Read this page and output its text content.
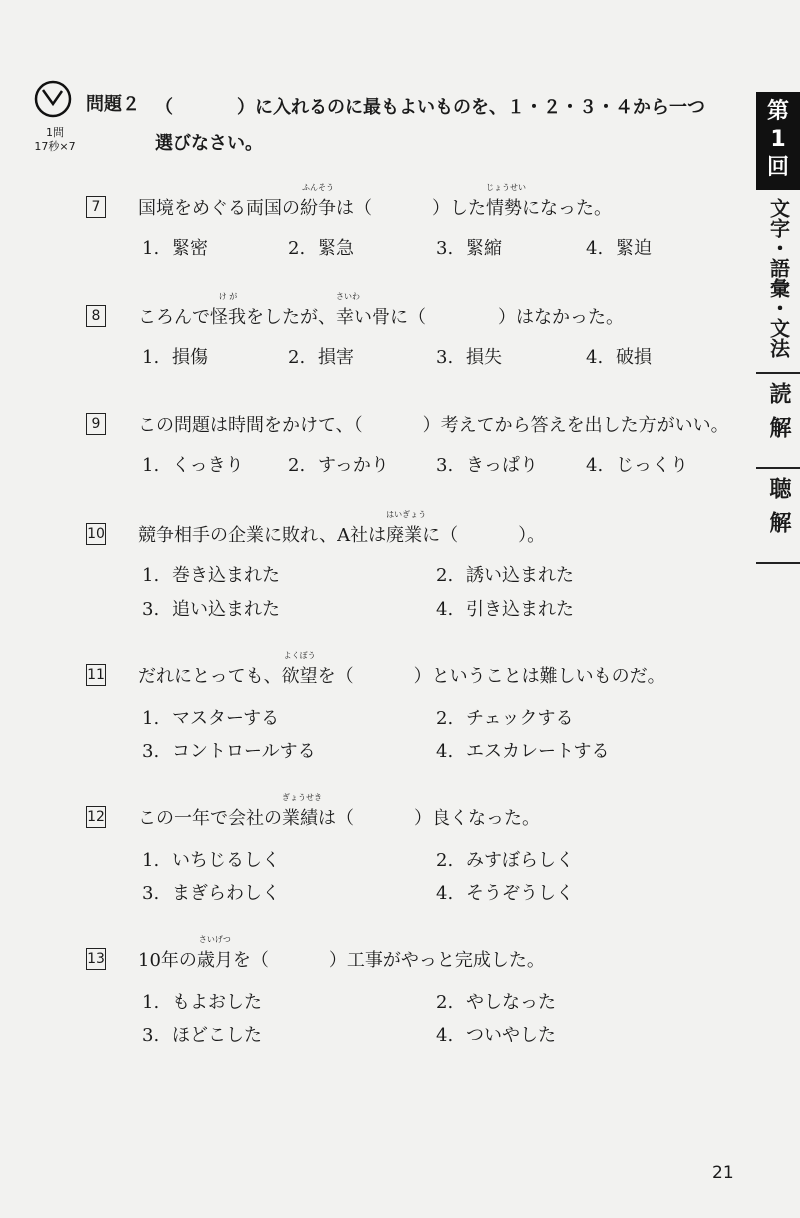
1問
17秒×7
問題２ （	）に入れるのに最もよいものを、１・２・３・４から一つ
選びなさい。
第
1
回
文字・語彙・文法
読解
聴解
7	国境をめぐる両国の
ふんそう
紛争は（	）した
じょうせい
情勢になった。
1. 緊密	2. 緊急	3. 緊縮	4. 緊迫
8	ころんで
け が
怪我をしたが、
さいわ
幸い骨に（　　　　）はなかった。
1. 損傷	2. 損害	3. 損失	4. 破損
9	この問題は時間をかけて、（	）考えてから答えを出した方がいい。
1. くっきり 2. すっかり	3. きっぱり	4. じっくり
10 競争相手の企業に敗れ、A社は
はいぎょう
廃業に（	）。
1. 巻き込まれた	2. 誘い込まれた
3. 追い込まれた	4. 引き込まれた
11 だれにとっても、
よくぼう
欲望を（	）ということは難しいものだ。
1. マスターする	2. チェックする
3. コントロールする	4. エスカレートする
12 この一年で会社の
ぎょうせき
業績は（	）良くなった。
1. いちじるしく	2. みすぼらしく
3. まぎらわしく	4. そうぞうしく
13 10年の
さいげつ
歳月を（	）工事がやっと完成した。
1. もよおした	2. やしなった
3. ほどこした	4. ついやした
21
